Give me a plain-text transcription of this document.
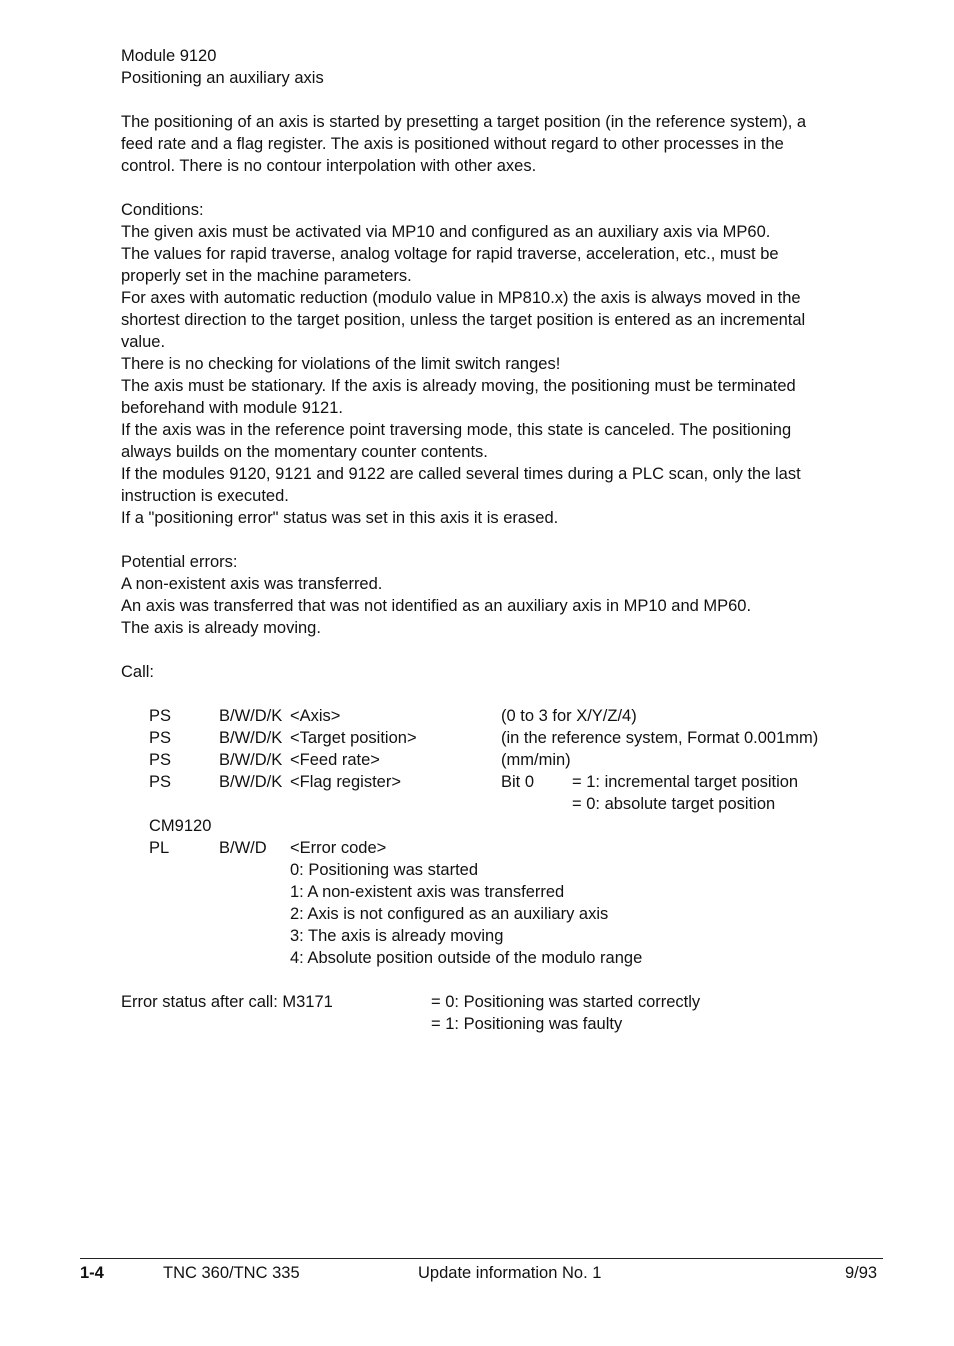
Module 9120
Positioning an auxiliary axis
The positioning of an axis is started by presetting a target position (in the reference system), a
feed rate and a flag register. The axis is positioned without regard to other processes in the
control. There is no contour interpolation with other axes.
Conditions:
The given axis must be activated via MP10 and configured as an auxiliary axis via MP60.
The values for rapid traverse, analog voltage for rapid traverse, acceleration, etc., must be
properly set in the machine parameters.
For axes with automatic reduction (modulo value in MP810.x) the axis is always moved in the
shortest direction to the target position, unless the target position is entered as an incremental
value.
There is no checking for violations of the limit switch ranges!
The axis must be stationary. If the axis is already moving, the positioning must be terminated
beforehand with module 9121.
If the axis was in the reference point traversing mode, this state is canceled. The positioning
always builds on the momentary counter contents.
If the modules 9120, 9121 and 9122 are called several times during a PLC scan, only the last
instruction is executed.
If a "positioning error" status was set in this axis it is erased.
Potential errors:
A non-existent axis was transferred.
An axis was transferred that was not identified as an auxiliary axis in MP10 and MP60.
The axis is already moving.
Call:
PS	B/W/D/K <Axis>	(0 to 3 for X/Y/Z/4)
PS	B/W/D/K <Target position>	(in the reference system, Format 0.001mm)
PS	B/W/D/K <Feed rate>	(mm/min)
PS	B/W/D/K <Flag register>	Bit 0 = 1: incremental target position
= 0: absolute target position
CM9120
PL	B/W/D <Error code>
0: Positioning was started
1: A non-existent axis was transferred
2: Axis is not configured as an auxiliary axis
3: The axis is already moving
4: Absolute position outside of the modulo range
Error status after call: M3171	= 0: Positioning was started correctly
= 1: Positioning was faulty
1-4	TNC 360/TNC 335	Update information No. 1	9/93
